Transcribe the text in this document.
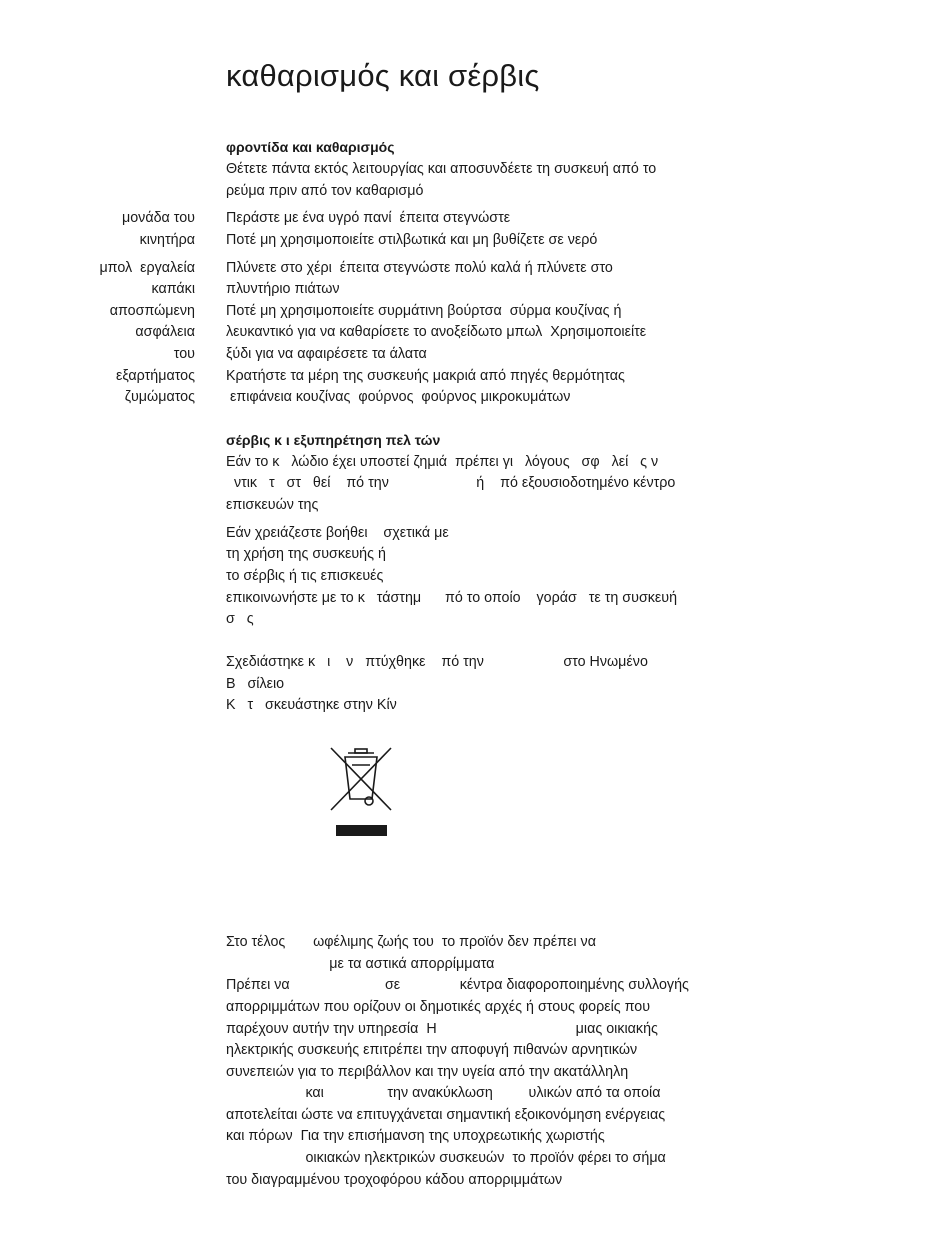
καθαρισμός και σέρβις
φροντίδα και καθαρισμός
Θέτετε πάντα εκτός λειτουργίας και αποσυνδέετε τη συσκευή από το
ρεύμα πριν από τον καθαρισμό
μονάδα του
κινητήρα
Περάστε με ένα υγρό πανί  έπειτα στεγνώστε
Ποτέ μη χρησιμοποιείτε στιλβωτικά και μη βυθίζετε σε νερό
μπολ  εργαλεία
καπάκι
αποσπώμενη
ασφάλεια
του
εξαρτήματος
ζυμώματος
Πλύνετε στο χέρι  έπειτα στεγνώστε πολύ καλά ή πλύνετε στο
πλυντήριο πιάτων
Ποτέ μη χρησιμοποιείτε συρμάτινη βούρτσα  σύρμα κουζίνας ή
λευκαντικό για να καθαρίσετε το ανοξείδωτο μπωλ  Χρησιμοποιείτε
ξύδι για να αφαιρέσετε τα άλατα
Κρατήστε τα μέρη της συσκευής μακριά από πηγές θερμότητας
επιφάνεια κουζίνας  φούρνος  φούρνος μικροκυμάτων
σέρβις κ ι εξυπηρέτηση πελ τών
Εάν το κ   λώδιο έχει υποστεί ζημιά  πρέπει γι   λόγους   σφ   λεί   ς ν
ντικ   τ   στ   θεί    πό την                      ή    πό εξουσιοδοτημένο κέντρο
επισκευών της
Εάν χρειάζεστε βοήθει    σχετικά με
τη χρήση της συσκευής ή
το σέρβις ή τις επισκευές
επικοινωνήστε με το κ   τάστημ      πό το οποίο    γοράσ   τε τη συσκευή
σ   ς
Σχεδιάστηκε κ   ι    ν   πτύχθηκε    πό την                    στο Ηνωμένο
Β   σίλειο
Κ   τ   σκευάστηκε στην Κίν
Στο τέλος       ωφέλιμης ζωής του  το προϊόν δεν πρέπει να
με τα αστικά απορρίμματα
Πρέπει να                        σε               κέντρα διαφοροποιημένης συλλογής
απορριμμάτων που ορίζουν οι δημοτικές αρχές ή στους φορείς που
παρέχουν αυτήν την υπηρεσία  Η                                   μιας οικιακής
ηλεκτρικής συσκευής επιτρέπει την αποφυγή πιθανών αρνητικών
συνεπειών για το περιβάλλον και την υγεία από την ακατάλληλη
και                την ανακύκλωση         υλικών από τα οποία
αποτελείται ώστε να επιτυγχάνεται σημαντική εξοικονόμηση ενέργειας
και πόρων  Για την επισήμανση της υποχρεωτικής χωριστής
οικιακών ηλεκτρικών συσκευών  το προϊόν φέρει το σήμα
του διαγραμμένου τροχοφόρου κάδου απορριμμάτων
